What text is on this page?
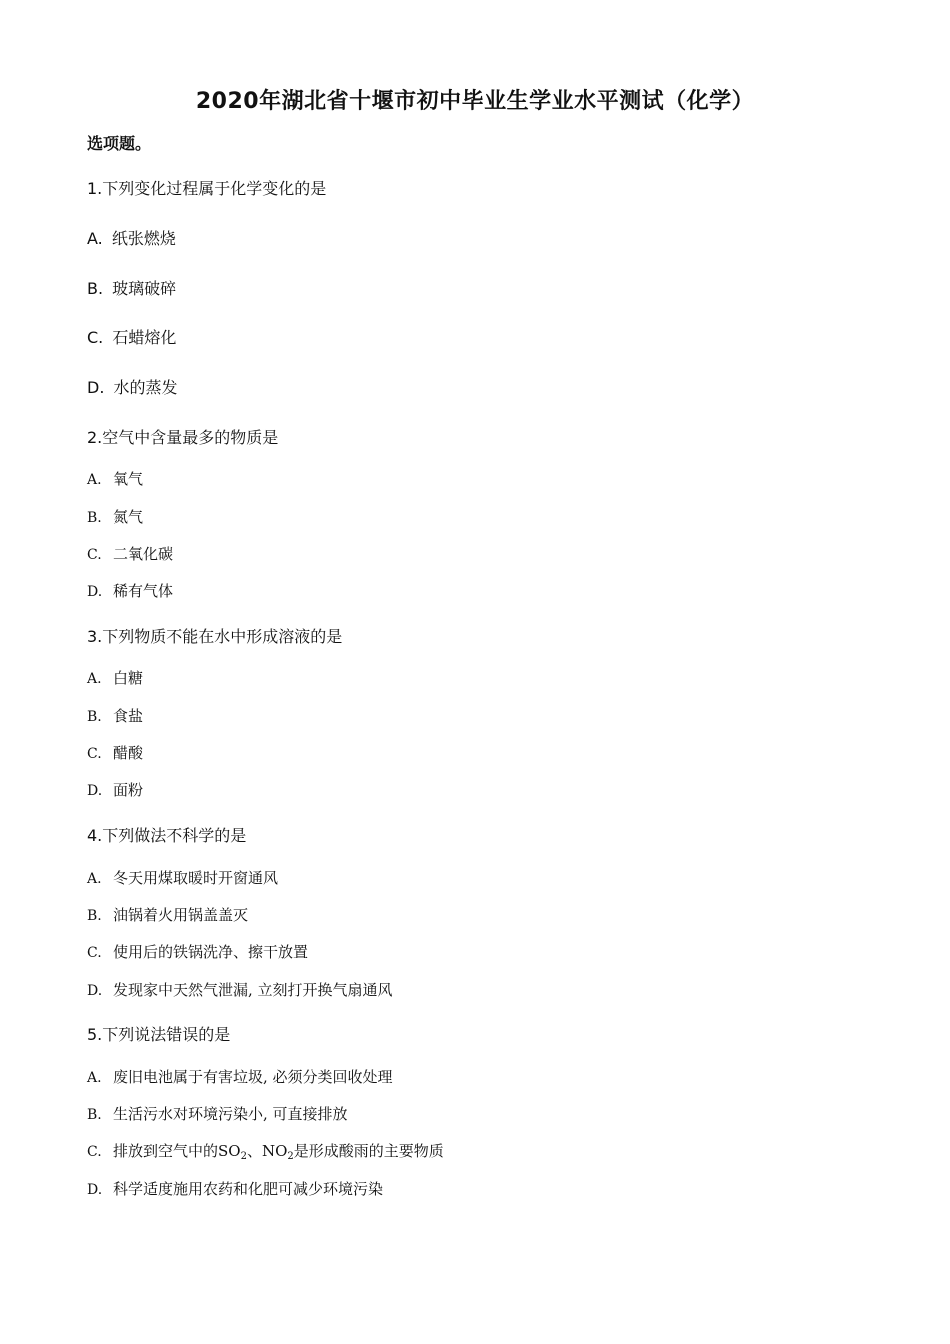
2020年湖北省十堰市初中毕业生学业水平测试（化学）
选项题。
1.下列变化过程属于化学变化的是
A. 纸张燃烧
B. 玻璃破碎
C. 石蜡熔化
D. 水的蒸发
2.空气中含量最多的物质是
A. 氧气
B. 氮气
C. 二氧化碳
D. 稀有气体
3.下列物质不能在水中形成溶液的是
A. 白糖
B. 食盐
C. 醋酸
D. 面粉
4.下列做法不科学的是
A. 冬天用煤取暖时开窗通风
B. 油锅着火用锅盖盖灭
C. 使用后的铁锅洗净、擦干放置
D. 发现家中天然气泄漏, 立刻打开换气扇通风
5.下列说法错误的是
A. 废旧电池属于有害垃圾, 必须分类回收处理
B. 生活污水对环境污染小, 可直接排放
C. 排放到空气中的$SO_2$、$NO_2$是形成酸雨的主要物质
D. 科学适度施用农药和化肥可减少环境污染
